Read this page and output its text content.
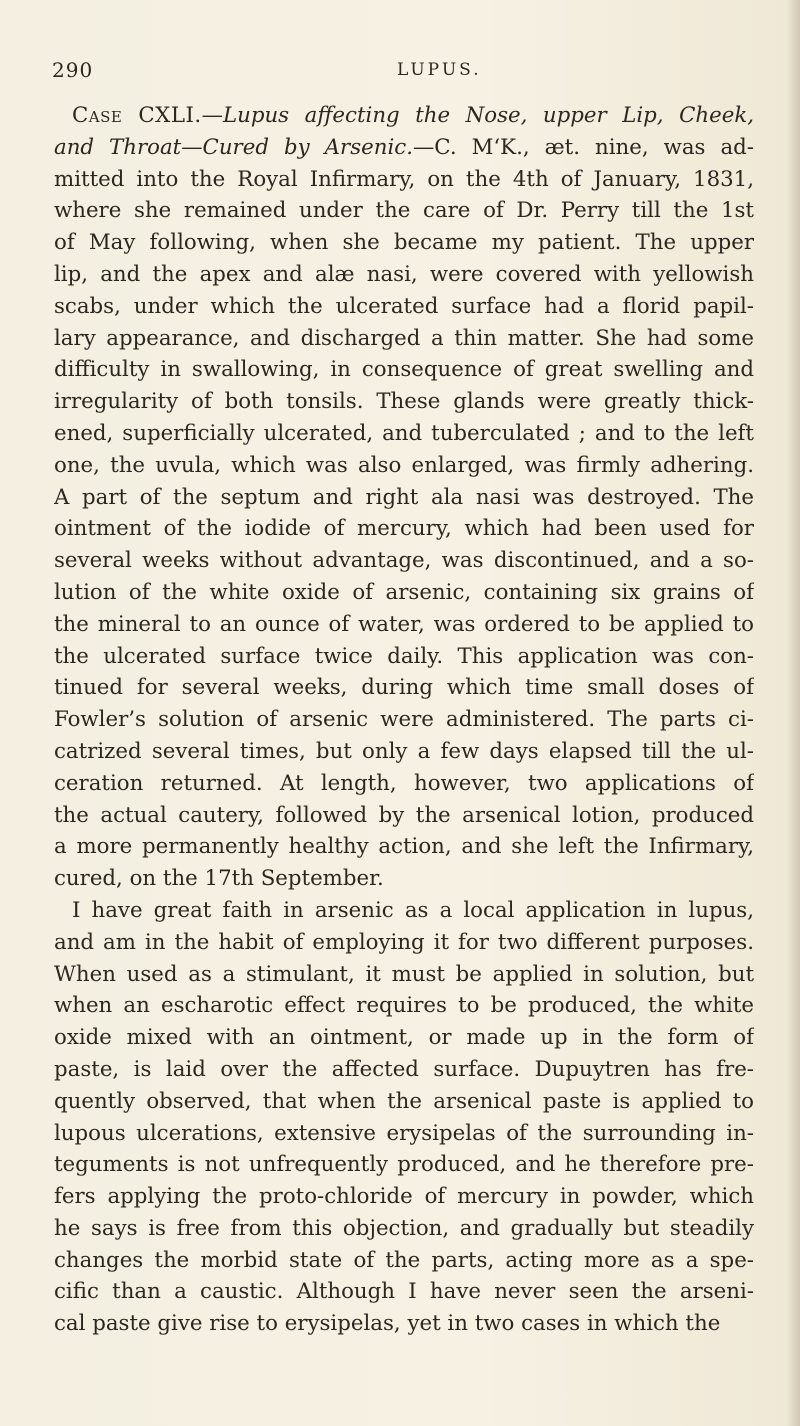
290	LUPUS.
Case CXLI.—Lupus affecting the Nose, upper Lip, Cheek,
and Throat—Cured by Arsenic.—C. M‘K., æt. nine, was ad-
mitted into the Royal Infirmary, on the 4th of January, 1831,
where she remained under the care of Dr. Perry till the 1st
of May following, when she became my patient. The upper
lip, and the apex and alæ nasi, were covered with yellowish
scabs, under which the ulcerated surface had a florid papil-
lary appearance, and discharged a thin matter. She had some
difficulty in swallowing, in consequence of great swelling and
irregularity of both tonsils. These glands were greatly thick-
ened, superficially ulcerated, and tuberculated ; and to the left
one, the uvula, which was also enlarged, was firmly adhering.
A part of the septum and right ala nasi was destroyed. The
ointment of the iodide of mercury, which had been used for
several weeks without advantage, was discontinued, and a so-
lution of the white oxide of arsenic, containing six grains of
the mineral to an ounce of water, was ordered to be applied to
the ulcerated surface twice daily. This application was con-
tinued for several weeks, during which time small doses of
Fowler’s solution of arsenic were administered. The parts ci-
catrized several times, but only a few days elapsed till the ul-
ceration returned. At length, however, two applications of
the actual cautery, followed by the arsenical lotion, produced
a more permanently healthy action, and she left the Infirmary,
cured, on the 17th September.
I have great faith in arsenic as a local application in lupus,
and am in the habit of employing it for two different purposes.
When used as a stimulant, it must be applied in solution, but
when an escharotic effect requires to be produced, the white
oxide mixed with an ointment, or made up in the form of
paste, is laid over the affected surface. Dupuytren has fre-
quently observed, that when the arsenical paste is applied to
lupous ulcerations, extensive erysipelas of the surrounding in-
teguments is not unfrequently produced, and he therefore pre-
fers applying the proto-chloride of mercury in powder, which
he says is free from this objection, and gradually but steadily
changes the morbid state of the parts, acting more as a spe-
cific than a caustic. Although I have never seen the arseni-
cal paste give rise to erysipelas, yet in two cases in which the
